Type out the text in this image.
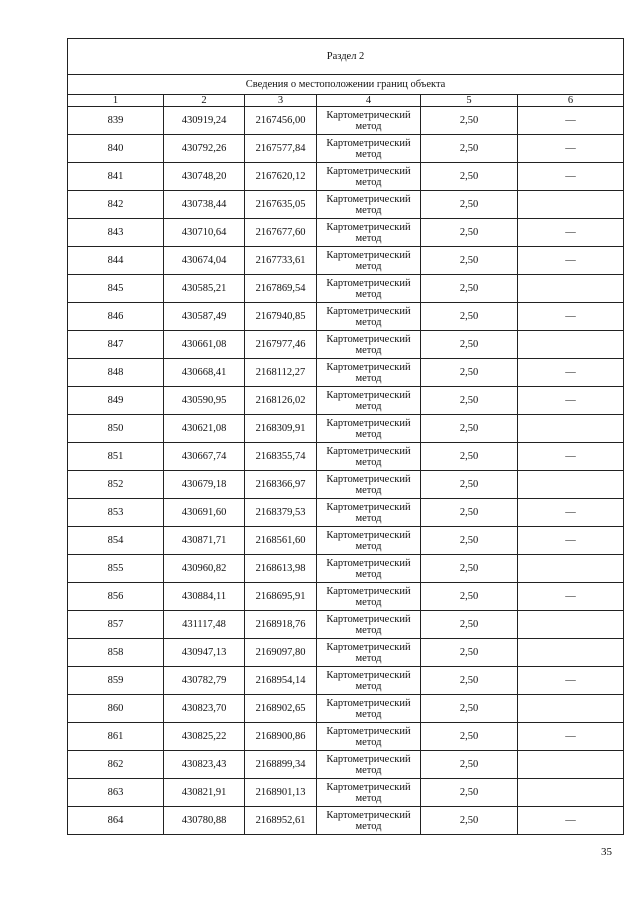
Раздел 2					
Сведения о местоположении границ объекта					
1	2	3	4	5	6
839	430919,24	2167456,00	Картометрический
метод	2,50	—
840	430792,26	2167577,84	Картометрический
метод	2,50	—
841	430748,20	2167620,12	Картометрический
метод	2,50	—
842	430738,44	2167635,05	Картометрический
метод	2,50	
843	430710,64	2167677,60	Картометрический
метод	2,50	—
844	430674,04	2167733,61	Картометрический
метод	2,50	—
845	430585,21	2167869,54	Картометрический
метод	2,50	
846	430587,49	2167940,85	Картометрический
метод	2,50	—
847	430661,08	2167977,46	Картометрический
метод	2,50	
848	430668,41	2168112,27	Картометрический
метод	2,50	—
849	430590,95	2168126,02	Картометрический
метод	2,50	—
850	430621,08	2168309,91	Картометрический
метод	2,50	
851	430667,74	2168355,74	Картометрический
метод	2,50	—
852	430679,18	2168366,97	Картометрический
метод	2,50	
853	430691,60	2168379,53	Картометрический
метод	2,50	—
854	430871,71	2168561,60	Картометрический
метод	2,50	—
855	430960,82	2168613,98	Картометрический
метод	2,50	
856	430884,11	2168695,91	Картометрический
метод	2,50	—
857	431117,48	2168918,76	Картометрический
метод	2,50	
858	430947,13	2169097,80	Картометрический
метод	2,50	
859	430782,79	2168954,14	Картометрический
метод	2,50	—
860	430823,70	2168902,65	Картометрический
метод	2,50	
861	430825,22	2168900,86	Картометрический
метод	2,50	—
862	430823,43	2168899,34	Картометрический
метод	2,50	
863	430821,91	2168901,13	Картометрический
метод	2,50	
864	430780,88	2168952,61	Картометрический
метод	2,50	—
35
